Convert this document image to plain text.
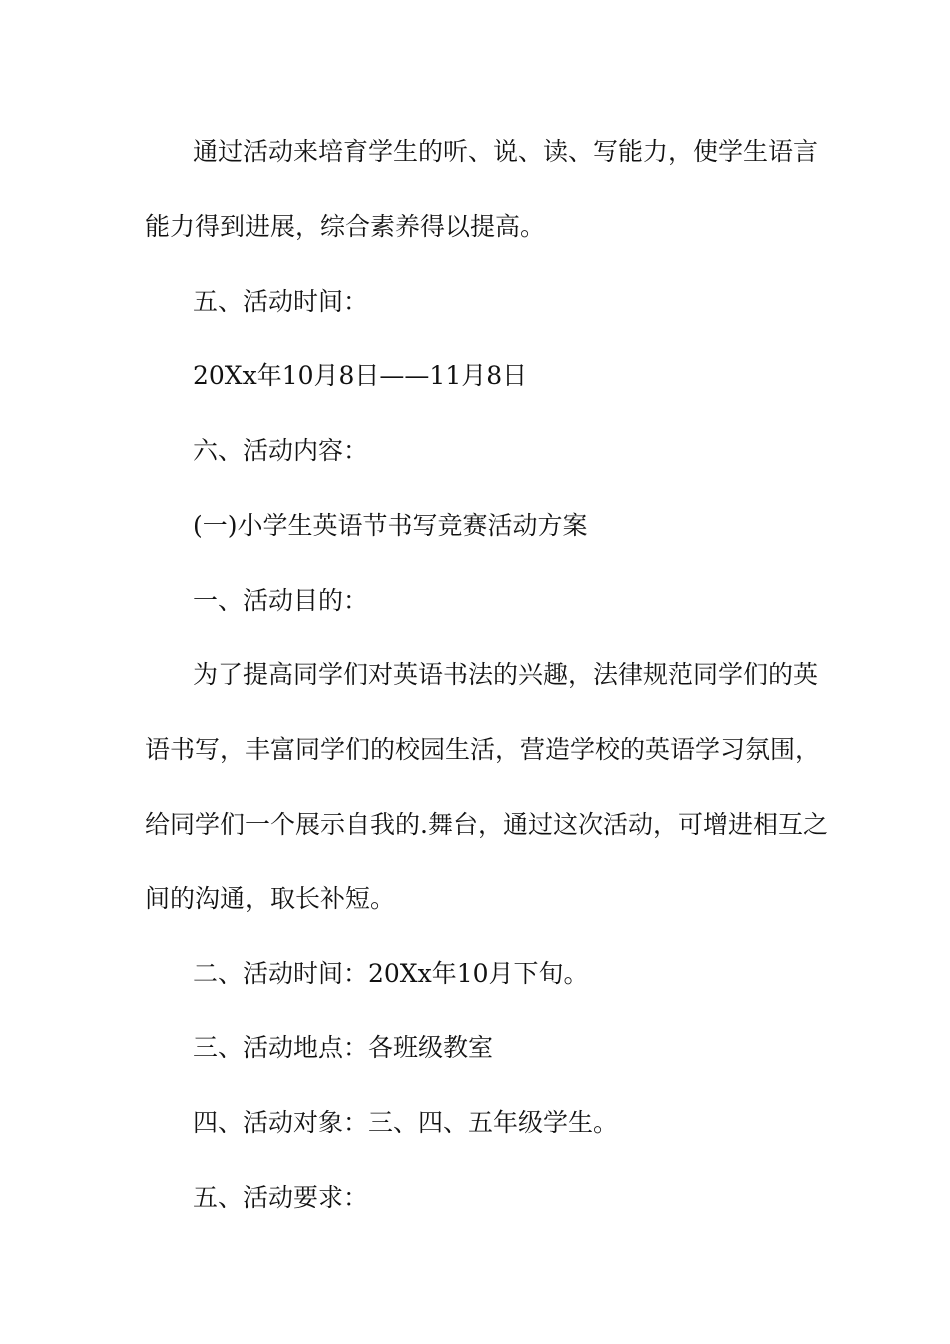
通过活动来培育学生的听、说、读、写能力，使学生语言
能力得到进展，综合素养得以提高。
五、活动时间：
20Xx年10月8日——11月8日
六、活动内容：
(一)小学生英语节书写竞赛活动方案
一、活动目的：
为了提高同学们对英语书法的兴趣，法律规范同学们的英
语书写，丰富同学们的校园生活，营造学校的英语学习氛围，
给同学们一个展示自我的.舞台，通过这次活动，可增进相互之
间的沟通，取长补短。
二、活动时间：20Xx年10月下旬。
三、活动地点：各班级教室
四、活动对象：三、四、五年级学生。
五、活动要求：
